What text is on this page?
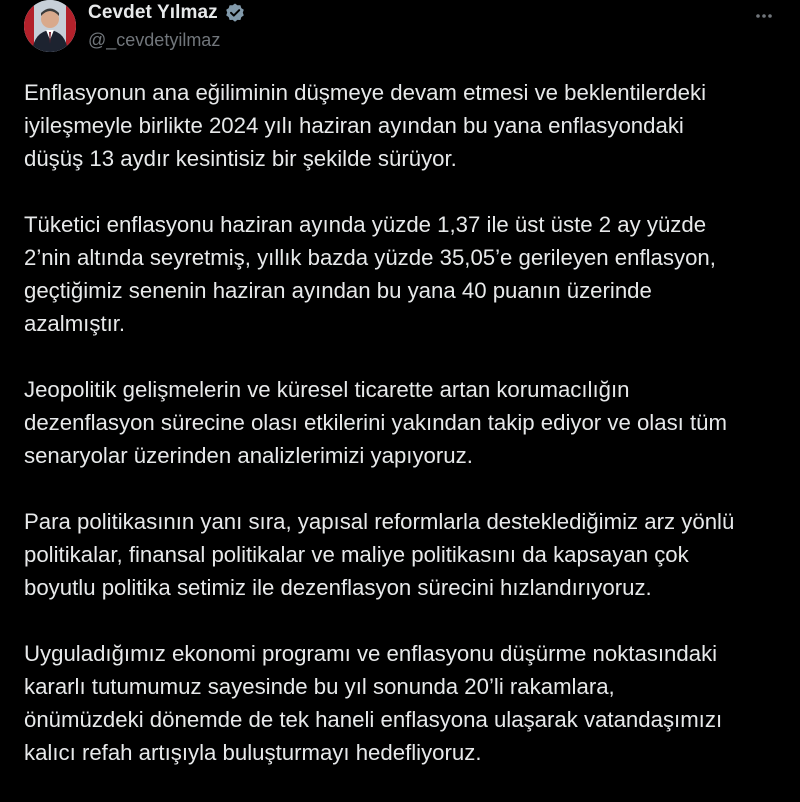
Cevdet Yılmaz
@_cevdetyilmaz

Enflasyonun ana eğiliminin düşmeye devam etmesi ve beklentilerdeki
iyileşmeyle birlikte 2024 yılı haziran ayından bu yana enflasyondaki
düşüş 13 aydır kesintisiz bir şekilde sürüyor.

Tüketici enflasyonu haziran ayında yüzde 1,37 ile üst üste 2 ay yüzde
2’nin altında seyretmiş, yıllık bazda yüzde 35,05’e gerileyen enflasyon,
geçtiğimiz senenin haziran ayından bu yana 40 puanın üzerinde
azalmıştır.

Jeopolitik gelişmelerin ve küresel ticarette artan korumacılığın
dezenflasyon sürecine olası etkilerini yakından takip ediyor ve olası tüm
senaryolar üzerinden analizlerimizi yapıyoruz.

Para politikasının yanı sıra, yapısal reformlarla desteklediğimiz arz yönlü
politikalar, finansal politikalar ve maliye politikasını da kapsayan çok
boyutlu politika setimiz ile dezenflasyon sürecini hızlandırıyoruz.

Uyguladığımız ekonomi programı ve enflasyonu düşürme noktasındaki
kararlı tutumumuz sayesinde bu yıl sonunda 20’li rakamlara,
önümüzdeki dönemde de tek haneli enflasyona ulaşarak vatandaşımızı
kalıcı refah artışıyla buluşturmayı hedefliyoruz.
